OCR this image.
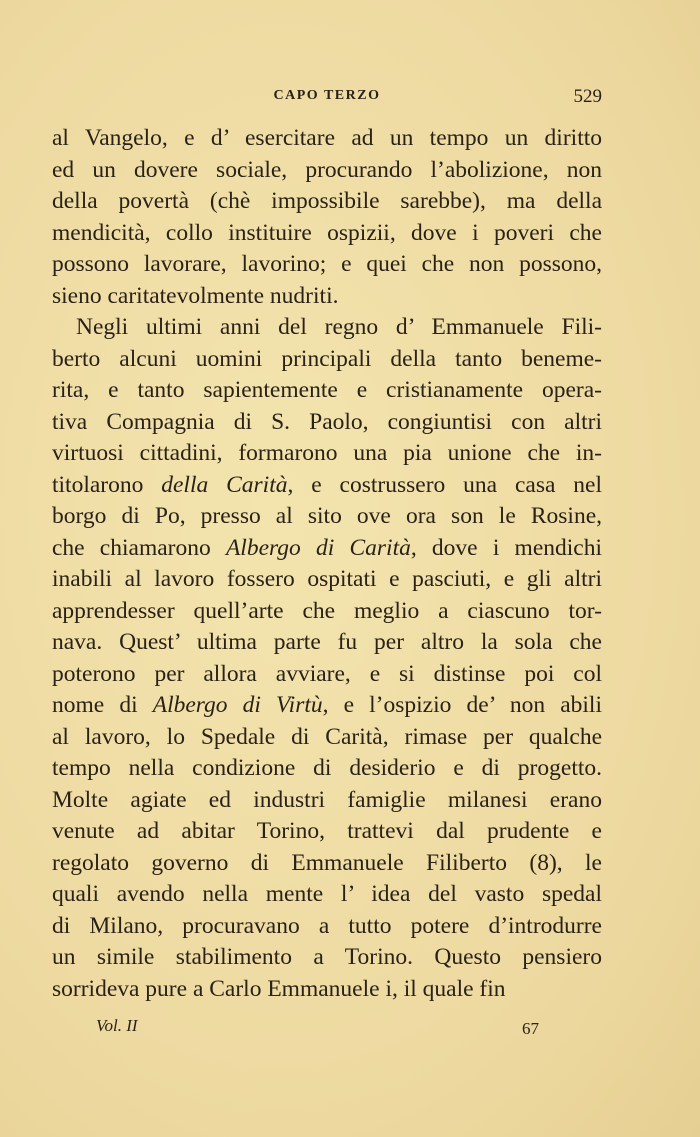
CAPO TERZO	529
al Vangelo, e d’ esercitare ad un tempo un diritto
ed un dovere sociale, procurando l’abolizione, non
della povertà (chè impossibile sarebbe), ma della
mendicità, collo instituire ospizii, dove i poveri che
possono lavorare, lavorino; e quei che non possono,
sieno caritatevolmente nudriti.
Negli ultimi anni del regno d’ Emmanuele Fili-
berto alcuni uomini principali della tanto beneme-
rita, e tanto sapientemente e cristianamente opera-
tiva Compagnia di S. Paolo, congiuntisi con altri
virtuosi cittadini, formarono una pia unione che in-
titolarono della Carità, e costrussero una casa nel
borgo di Po, presso al sito ove ora son le Rosine,
che chiamarono Albergo di Carità, dove i mendichi
inabili al lavoro fossero ospitati e pasciuti, e gli altri
apprendesser quell’arte che meglio a ciascuno tor-
nava. Quest’ ultima parte fu per altro la sola che
poterono per allora avviare, e si distinse poi col
nome di Albergo di Virtù, e l’ospizio de’ non abili
al lavoro, lo Spedale di Carità, rimase per qualche
tempo nella condizione di desiderio e di progetto.
Molte agiate ed industri famiglie milanesi erano
venute ad abitar Torino, trattevi dal prudente e
regolato governo di Emmanuele Filiberto (8), le
quali avendo nella mente l’ idea del vasto spedal
di Milano, procuravano a tutto potere d’introdurre
un simile stabilimento a Torino. Questo pensiero
sorrideva pure a Carlo Emmanuele i, il quale fin
Vol. II	67
